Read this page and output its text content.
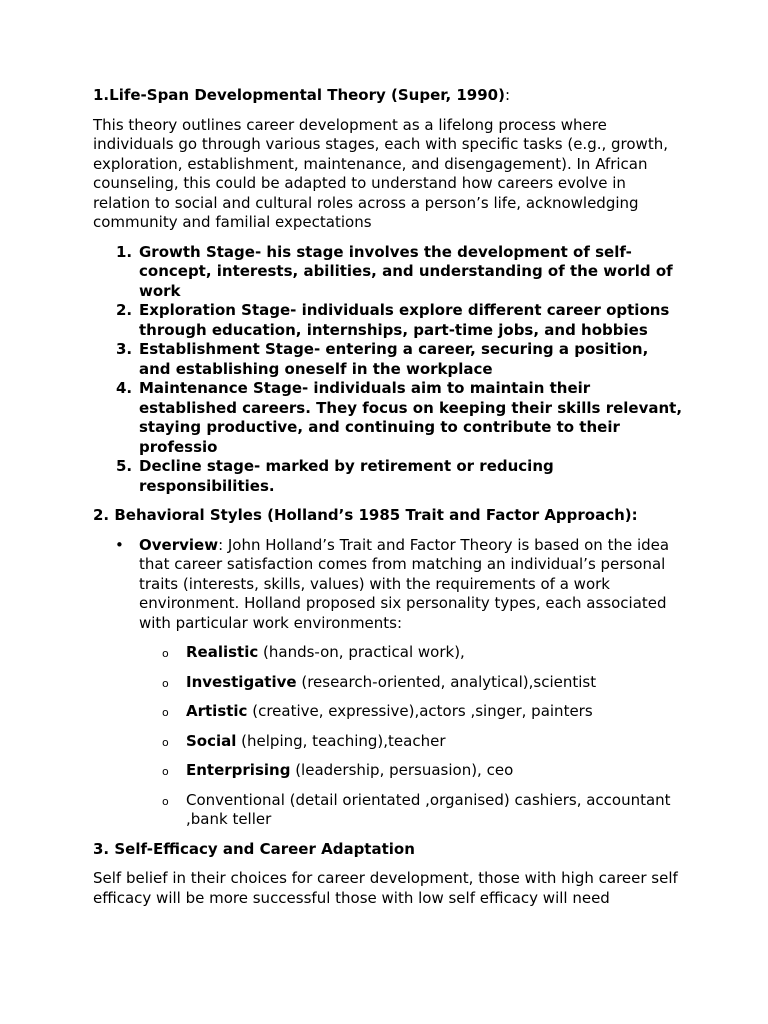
1.Life-Span Developmental Theory (Super, 1990):

This theory outlines career development as a lifelong process where individuals go through various stages, each with specific tasks (e.g., growth, exploration, establishment, maintenance, and disengagement). In African counseling, this could be adapted to understand how careers evolve in relation to social and cultural roles across a person’s life, acknowledging community and familial expectations

1. Growth Stage- his stage involves the development of self-concept, interests, abilities, and understanding of the world of work
2. Exploration Stage- individuals explore different career options through education, internships, part-time jobs, and hobbies
3. Establishment Stage- entering a career, securing a position, and establishing oneself in the workplace
4. Maintenance Stage- individuals aim to maintain their established careers. They focus on keeping their skills relevant, staying productive, and continuing to contribute to their professio
5. Decline stage- marked by retirement or reducing responsibilities.
2. Behavioral Styles (Holland’s 1985 Trait and Factor Approach):
• Overview: John Holland’s Trait and Factor Theory is based on the idea that career satisfaction comes from matching an individual’s personal traits (interests, skills, values) with the requirements of a work environment. Holland proposed six personality types, each associated with particular work environments:
o Realistic (hands-on, practical work),
o Investigative (research-oriented, analytical),scientist
o Artistic (creative, expressive),actors ,singer, painters
o Social (helping, teaching),teacher
o Enterprising (leadership, persuasion), ceo
o Conventional (detail orientated ,organised) cashiers, accountant ,bank teller
3. Self-Efficacy and Career Adaptation

Self belief in their choices for career development, those with high career self efficacy will be more successful those with low self efficacy will need
